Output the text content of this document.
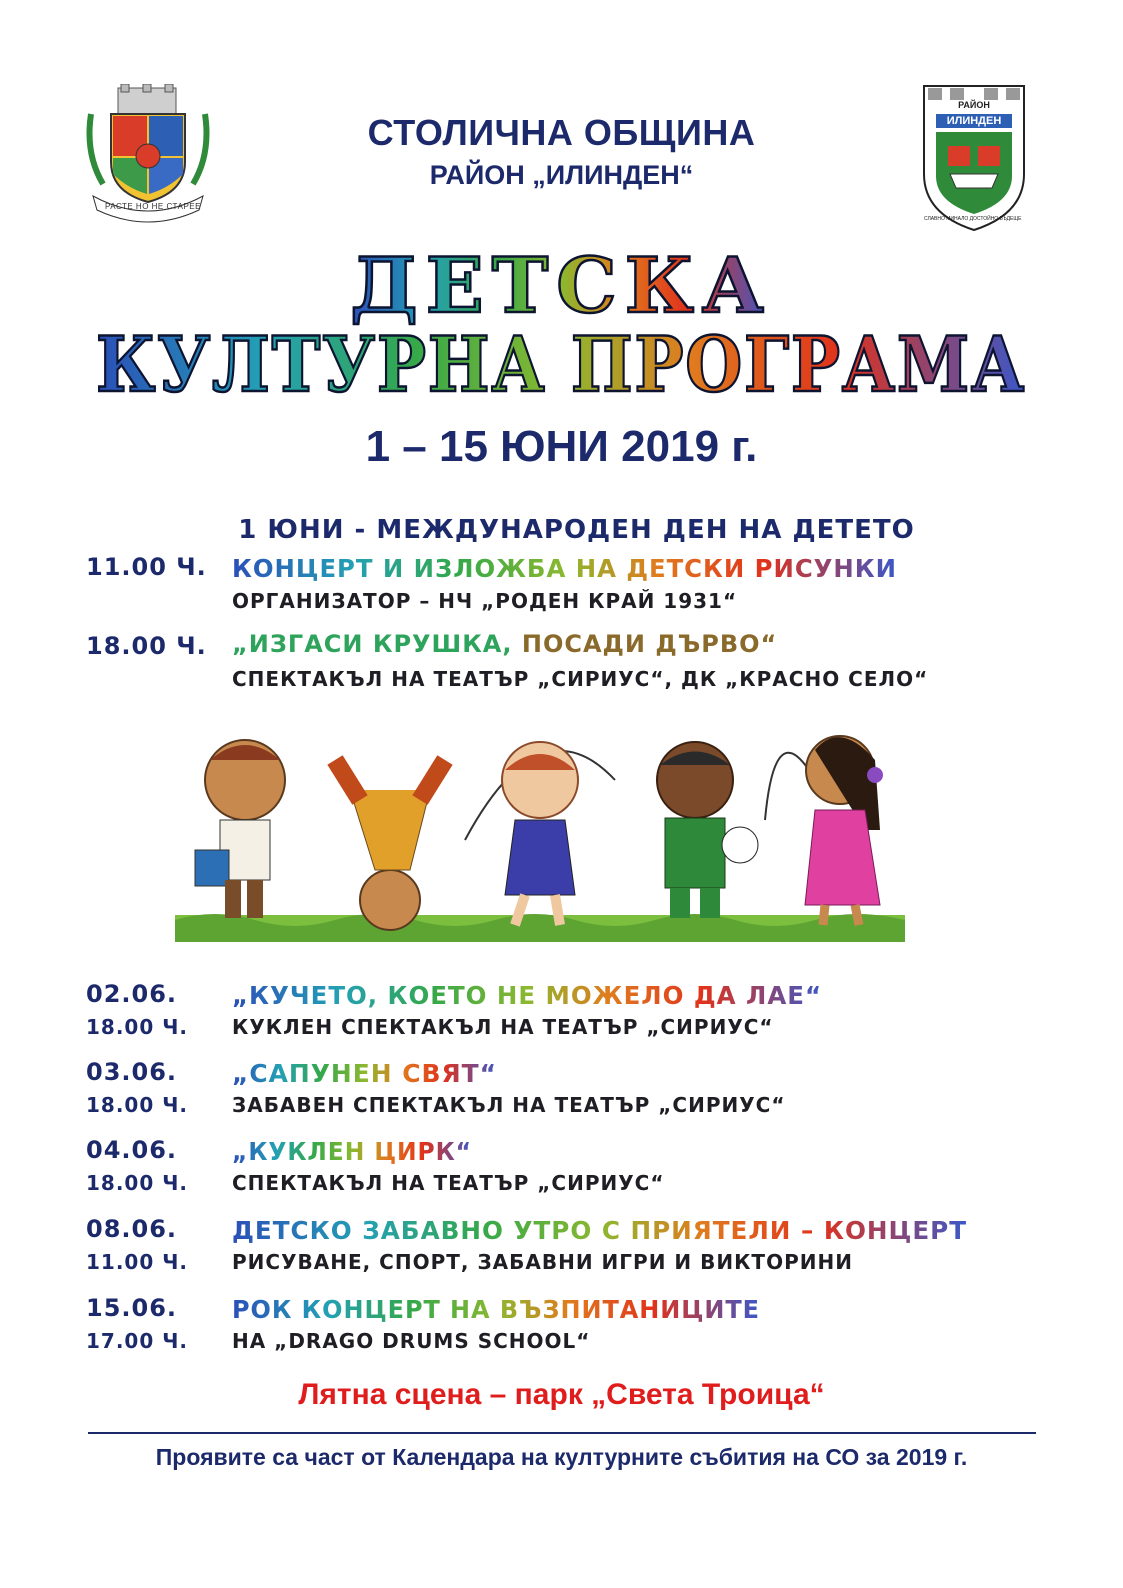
РАСТЕ НО НЕ СТАРЕЕ
РАЙОН
ИЛИНДЕН
СЛАВНО МИНАЛО ДОСТОЙНО БЪДЕЩЕ
СТОЛИЧНА ОБЩИНА
РАЙОН „ИЛИНДЕН“
ДЕТСКА
КУЛТУРНА ПРОГРАМА
1 – 15 ЮНИ 2019 г.
1 ЮНИ - МЕЖДУНАРОДЕН ДЕН НА ДЕТЕТО
11.00 Ч. КОНЦЕРТ И ИЗЛОЖБА НА ДЕТСКИ РИСУНКИ
ОРГАНИЗАТОР – НЧ „РОДЕН КРАЙ 1931“
18.00 Ч. „ИЗГАСИ КРУШКА, ПОСАДИ ДЪРВО“
СПЕКТАКЪЛ НА ТЕАТЪР „СИРИУС“, ДК „КРАСНО СЕЛО“
02.06. „КУЧЕТО, КОЕТО НЕ МОЖЕЛО ДА ЛАЕ“
18.00 Ч. КУКЛЕН СПЕКТАКЪЛ НА ТЕАТЪР „СИРИУС“
03.06. „САПУНЕН СВЯТ“
18.00 Ч. ЗАБАВЕН СПЕКТАКЪЛ НА ТЕАТЪР „СИРИУС“
04.06. „КУКЛЕН ЦИРК“
18.00 Ч. СПЕКТАКЪЛ НА ТЕАТЪР „СИРИУС“
08.06. ДЕТСКО ЗАБАВНО УТРО С ПРИЯТЕЛИ – КОНЦЕРТ
11.00 Ч. РИСУВАНЕ, СПОРТ, ЗАБАВНИ ИГРИ И ВИКТОРИНИ
15.06. РОК КОНЦЕРТ НА ВЪЗПИТАНИЦИТЕ
17.00 Ч. НА „DRAGO DRUMS SCHOOL“
Лятна сцена – парк „Света Троица“
Проявите са част от Календара на културните събития на СО за 2019 г.
